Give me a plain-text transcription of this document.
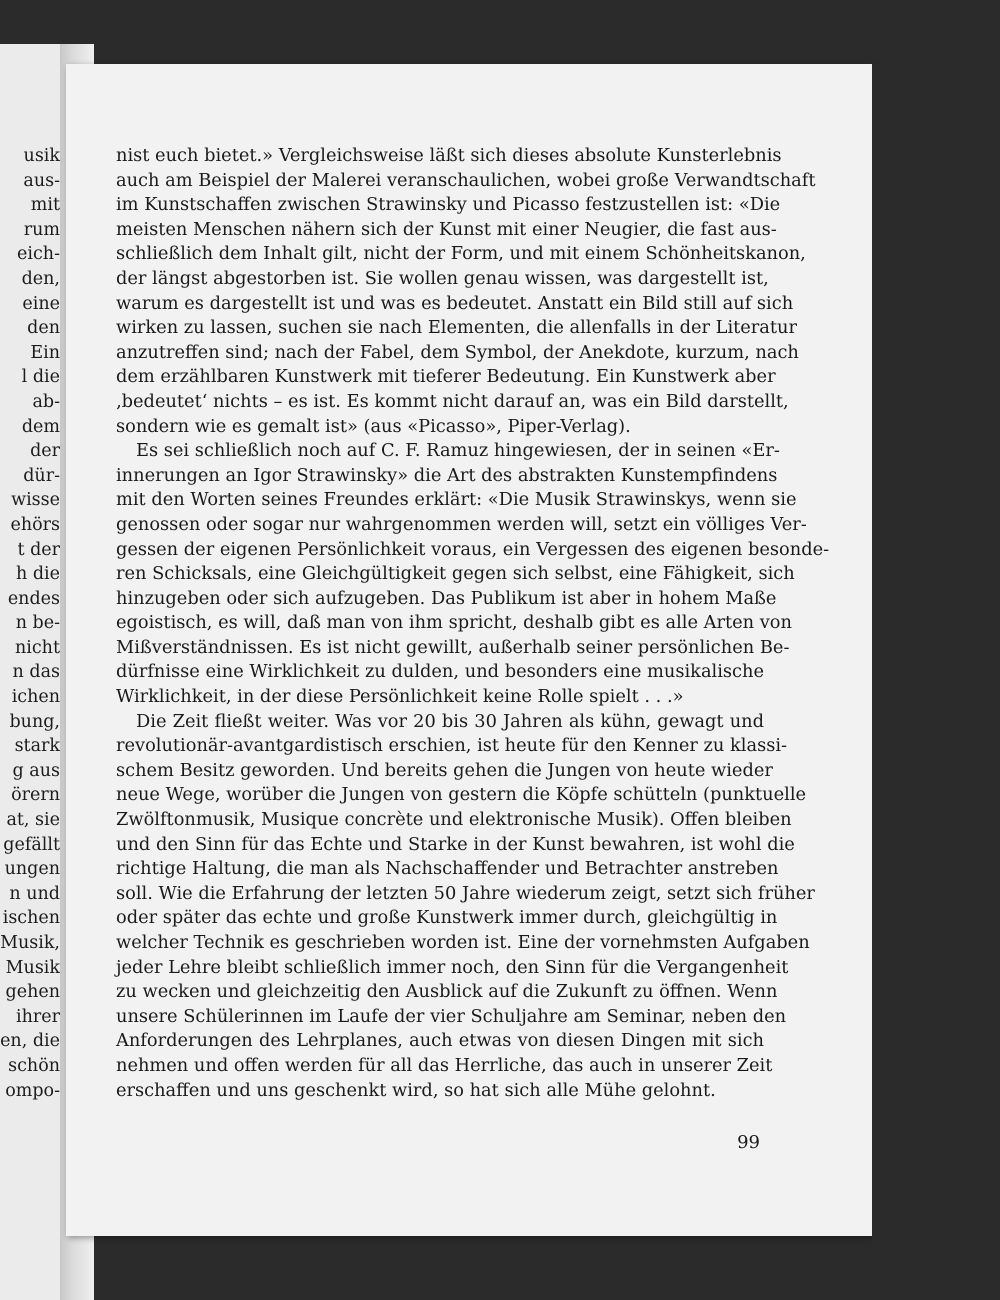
usik
aus-
mit
rum
eich-
den,
eine
den
Ein
l die
ab-
dem
der
dür-
wisse
ehörs
t der
h die
endes
n be-
nicht
n das
ichen
bung,
stark
g aus
örern
at, sie
gefällt
ungen
n und
ischen
Musik,
Musik
gehen
ihrer
en, die
schön
ompo-
nist euch bietet.» Vergleichsweise läßt sich dieses absolute Kunsterlebnis
auch am Beispiel der Malerei veranschaulichen, wobei große Verwandtschaft
im Kunstschaffen zwischen Strawinsky und Picasso festzustellen ist: «Die
meisten Menschen nähern sich der Kunst mit einer Neugier, die fast aus-
schließlich dem Inhalt gilt, nicht der Form, und mit einem Schönheitskanon,
der längst abgestorben ist. Sie wollen genau wissen, was dargestellt ist,
warum es dargestellt ist und was es bedeutet. Anstatt ein Bild still auf sich
wirken zu lassen, suchen sie nach Elementen, die allenfalls in der Literatur
anzutreffen sind; nach der Fabel, dem Symbol, der Anekdote, kurzum, nach
dem erzählbaren Kunstwerk mit tieferer Bedeutung. Ein Kunstwerk aber
‚bedeutet‘ nichts – es ist. Es kommt nicht darauf an, was ein Bild darstellt,
sondern wie es gemalt ist» (aus «Picasso», Piper-Verlag).
Es sei schließlich noch auf C. F. Ramuz hingewiesen, der in seinen «Er-
innerungen an Igor Strawinsky» die Art des abstrakten Kunstempfindens
mit den Worten seines Freundes erklärt: «Die Musik Strawinskys, wenn sie
genossen oder sogar nur wahrgenommen werden will, setzt ein völliges Ver-
gessen der eigenen Persönlichkeit voraus, ein Vergessen des eigenen besonde-
ren Schicksals, eine Gleichgültigkeit gegen sich selbst, eine Fähigkeit, sich
hinzugeben oder sich aufzugeben. Das Publikum ist aber in hohem Maße
egoistisch, es will, daß man von ihm spricht, deshalb gibt es alle Arten von
Mißverständnissen. Es ist nicht gewillt, außerhalb seiner persönlichen Be-
dürfnisse eine Wirklichkeit zu dulden, und besonders eine musikalische
Wirklichkeit, in der diese Persönlichkeit keine Rolle spielt . . .»
Die Zeit fließt weiter. Was vor 20 bis 30 Jahren als kühn, gewagt und
revolutionär-avantgardistisch erschien, ist heute für den Kenner zu klassi-
schem Besitz geworden. Und bereits gehen die Jungen von heute wieder
neue Wege, worüber die Jungen von gestern die Köpfe schütteln (punktuelle
Zwölftonmusik, Musique concrète und elektronische Musik). Offen bleiben
und den Sinn für das Echte und Starke in der Kunst bewahren, ist wohl die
richtige Haltung, die man als Nachschaffender und Betrachter anstreben
soll. Wie die Erfahrung der letzten 50 Jahre wiederum zeigt, setzt sich früher
oder später das echte und große Kunstwerk immer durch, gleichgültig in
welcher Technik es geschrieben worden ist. Eine der vornehmsten Aufgaben
jeder Lehre bleibt schließlich immer noch, den Sinn für die Vergangenheit
zu wecken und gleichzeitig den Ausblick auf die Zukunft zu öffnen. Wenn
unsere Schülerinnen im Laufe der vier Schuljahre am Seminar, neben den
Anforderungen des Lehrplanes, auch etwas von diesen Dingen mit sich
nehmen und offen werden für all das Herrliche, das auch in unserer Zeit
erschaffen und uns geschenkt wird, so hat sich alle Mühe gelohnt.
99
